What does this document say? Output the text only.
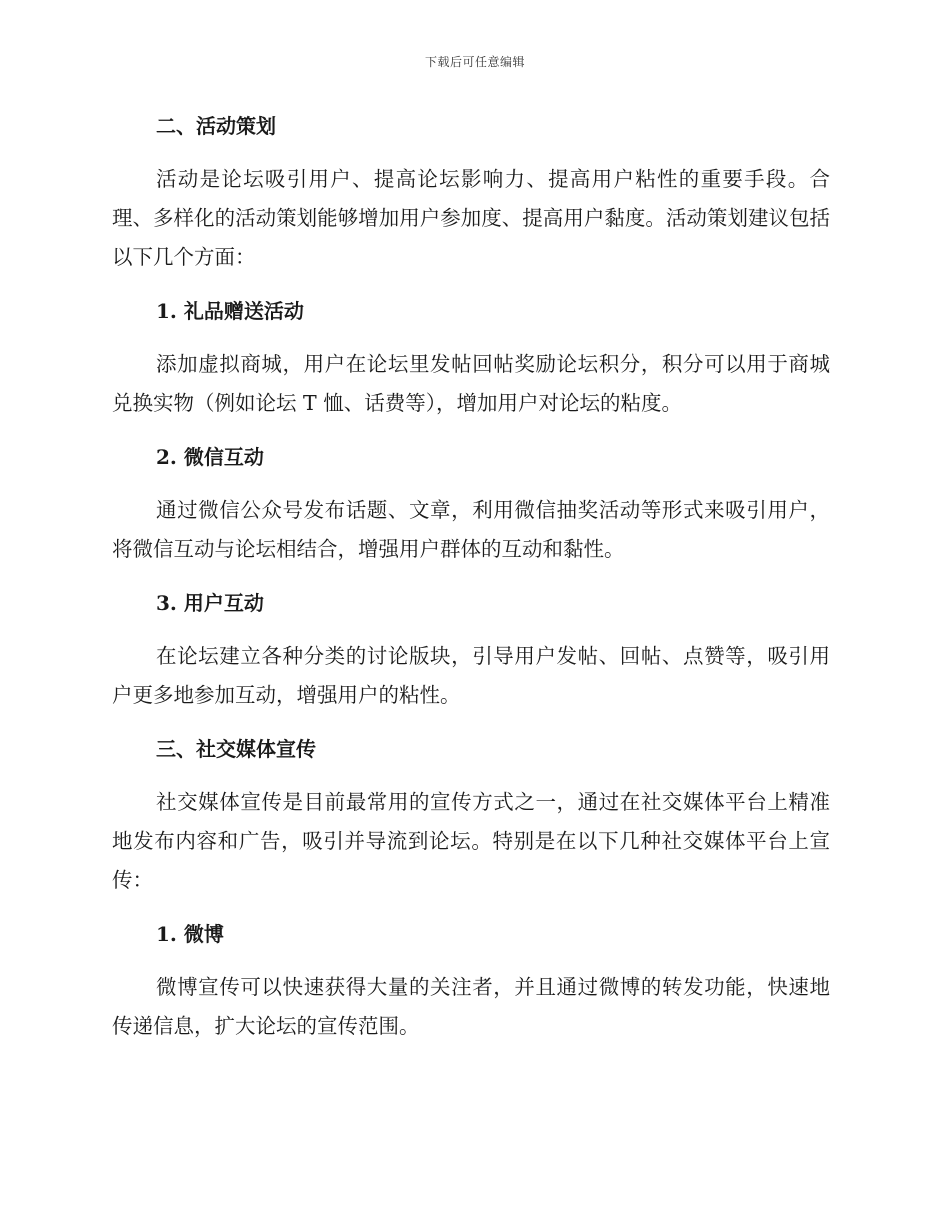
下载后可任意编辑
二、活动策划
活动是论坛吸引用户、提高论坛影响力、提高用户粘性的重要手段。合理、多样化的活动策划能够增加用户参加度、提高用户黏度。活动策划建议包括以下几个方面：
1. 礼品赠送活动
添加虚拟商城，用户在论坛里发帖回帖奖励论坛积分，积分可以用于商城兑换实物（例如论坛 T 恤、话费等），增加用户对论坛的粘度。
2. 微信互动
通过微信公众号发布话题、文章，利用微信抽奖活动等形式来吸引用户，将微信互动与论坛相结合，增强用户群体的互动和黏性。
3. 用户互动
在论坛建立各种分类的讨论版块，引导用户发帖、回帖、点赞等，吸引用户更多地参加互动，增强用户的粘性。
三、社交媒体宣传
社交媒体宣传是目前最常用的宣传方式之一，通过在社交媒体平台上精准地发布内容和广告，吸引并导流到论坛。特别是在以下几种社交媒体平台上宣传：
1. 微博
微博宣传可以快速获得大量的关注者，并且通过微博的转发功能，快速地传递信息，扩大论坛的宣传范围。
